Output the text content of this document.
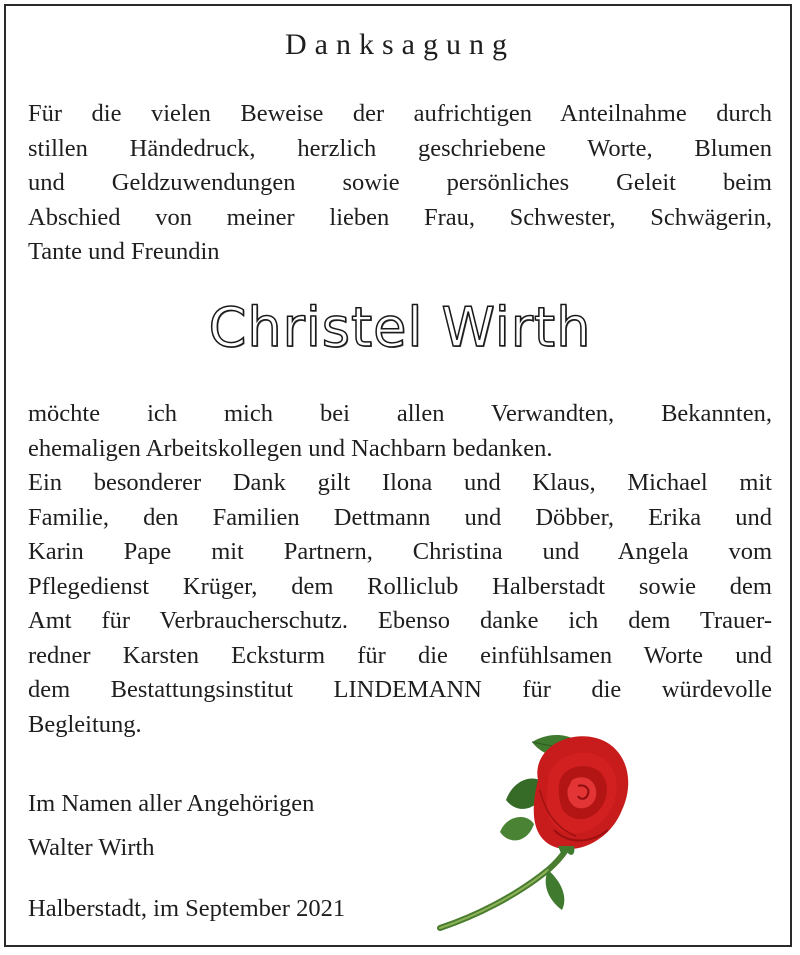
Danksagung
Für die vielen Beweise der aufrichtigen Anteilnahme durch
stillen Händedruck, herzlich geschriebene Worte, Blumen
und Geldzuwendungen sowie persönliches Geleit beim
Abschied von meiner lieben Frau, Schwester, Schwägerin,
Tante und Freundin
Christel Wirth
möchte ich mich bei allen Verwandten, Bekannten,
ehemaligen Arbeitskollegen und Nachbarn bedanken.
Ein besonderer Dank gilt Ilona und Klaus, Michael mit
Familie, den Familien Dettmann und Döbber, Erika und
Karin Pape mit Partnern, Christina und Angela vom
Pflegedienst Krüger, dem Rolliclub Halberstadt sowie dem
Amt für Verbraucherschutz. Ebenso danke ich dem Trauer-
redner Karsten Ecksturm für die einfühlsamen Worte und
dem Bestattungsinstitut LINDEMANN für die würdevolle
Begleitung.
Im Namen aller Angehörigen
Walter Wirth
Halberstadt, im September 2021
